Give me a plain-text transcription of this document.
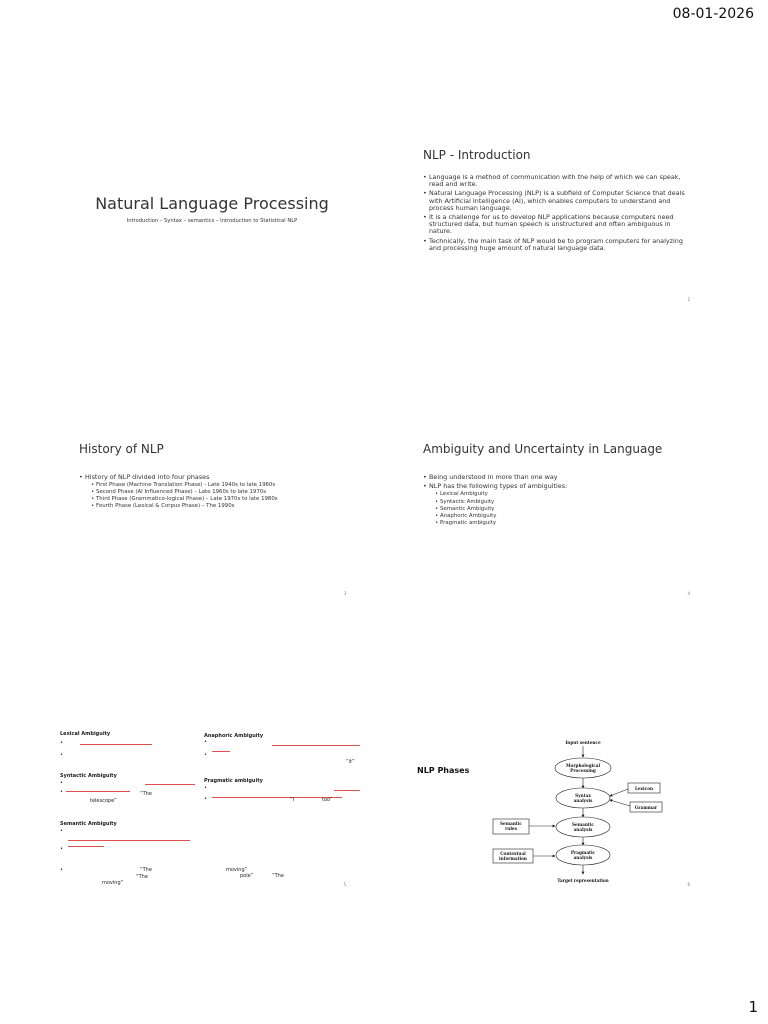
08-01-2026
Natural Language Processing
Introduction – Syntax – semantics – Introduction to Statistical NLP
NLP - Introduction
• Language is a method of communication with the help of which we can speak, read and write.
• Natural Language Processing (NLP) is a subfield of Computer Science that deals with Artificial Intelligence (AI), which enables computers to understand and process human language.
• It is a challenge for us to develop NLP applications because computers need structured data, but human speech is unstructured and often ambiguous in nature.
• Technically, the main task of NLP would be to program computers for analyzing and processing huge amount of natural language data.
2
History of NLP
• History of NLP divided into four phases
• First Phase (Machine Translation Phase) - Late 1940s to late 1960s
• Second Phase (AI Influenced Phase) – Late 1960s to late 1970s
• Third Phase (Grammatico-logical Phase) – Late 1970s to late 1980s
• Fourth Phase (Lexical & Corpus Phase) – The 1990s
3
Ambiguity and Uncertainty in Language
• Being understood in more than one way
• NLP has the following types of ambiguities:
• Lexical Ambiguity
• Syntactic Ambiguity
• Semantic Ambiguity
• Anaphoric Ambiguity
• Pragmatic ambiguity
4
Lexical Ambiguity
•
•
Syntactic Ambiguity
•
•	“The
telescope”
Semantic Ambiguity
•
•
•	“The
“The
moving”
Anaphoric Ambiguity
•
•
“it”
Pragmatic ambiguity
•
•	“I	too”
moving”
pole”	“The
5
NLP Phases
Input sentence
Morphological
Processing
Syntax
analysis
Semantic
analysis
Pragmatic
analysis
Target representation
Lexicon
Grammar
Semantic
rules
Contextual
information
6
1
